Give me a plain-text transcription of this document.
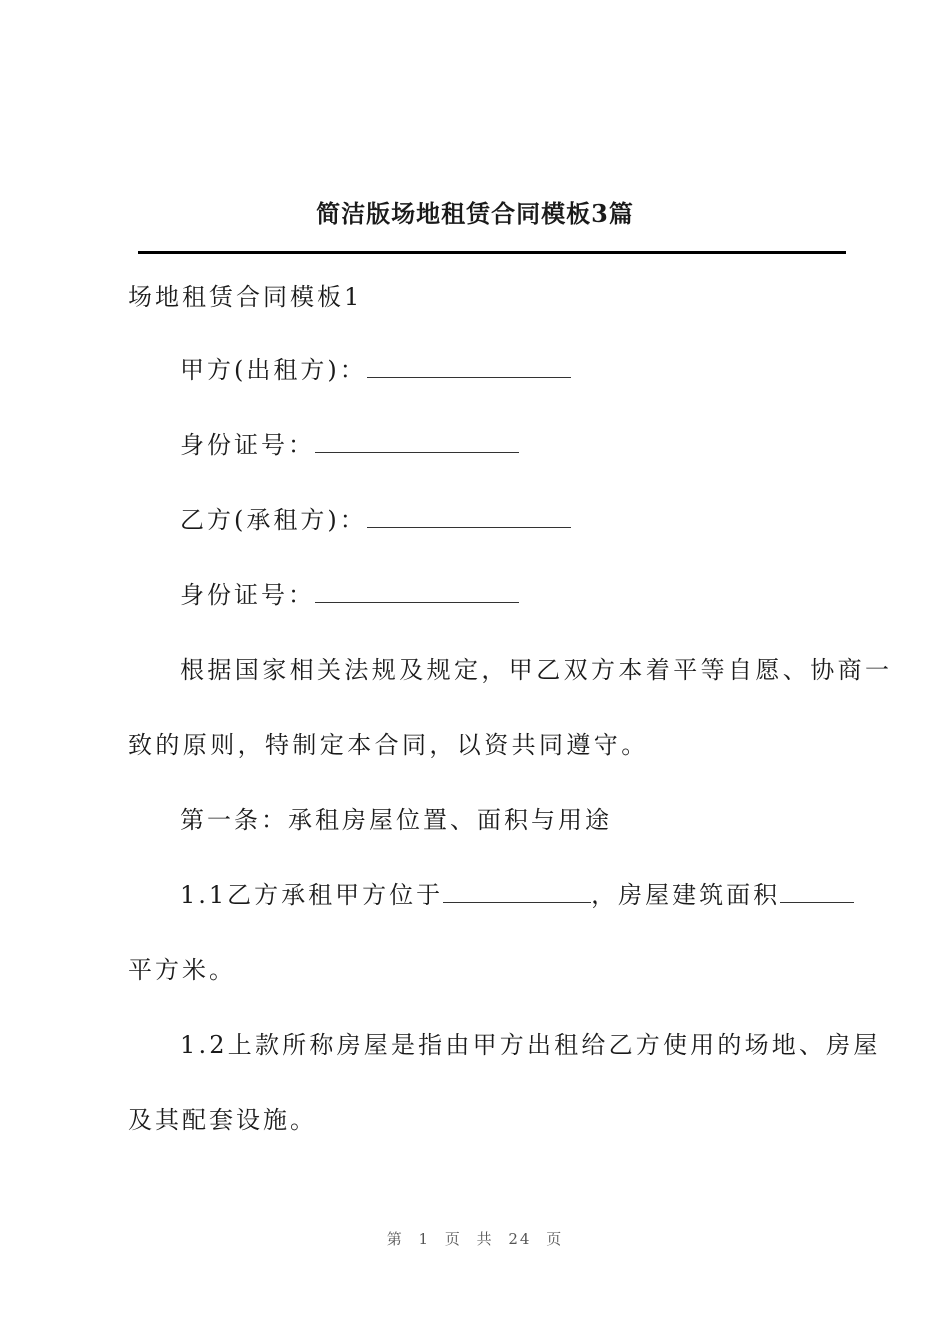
简洁版场地租赁合同模板3篇
场地租赁合同模板1
甲方(出租方)：
身份证号：
乙方(承租方)：
身份证号：
根据国家相关法规及规定，甲乙双方本着平等自愿、协商一
致的原则，特制定本合同，以资共同遵守。
第一条：承租房屋位置、面积与用途
1.1乙方承租甲方位于	，房屋建筑面积
平方米。
1.2上款所称房屋是指由甲方出租给乙方使用的场地、房屋
及其配套设施。
第 1 页 共 24 页
